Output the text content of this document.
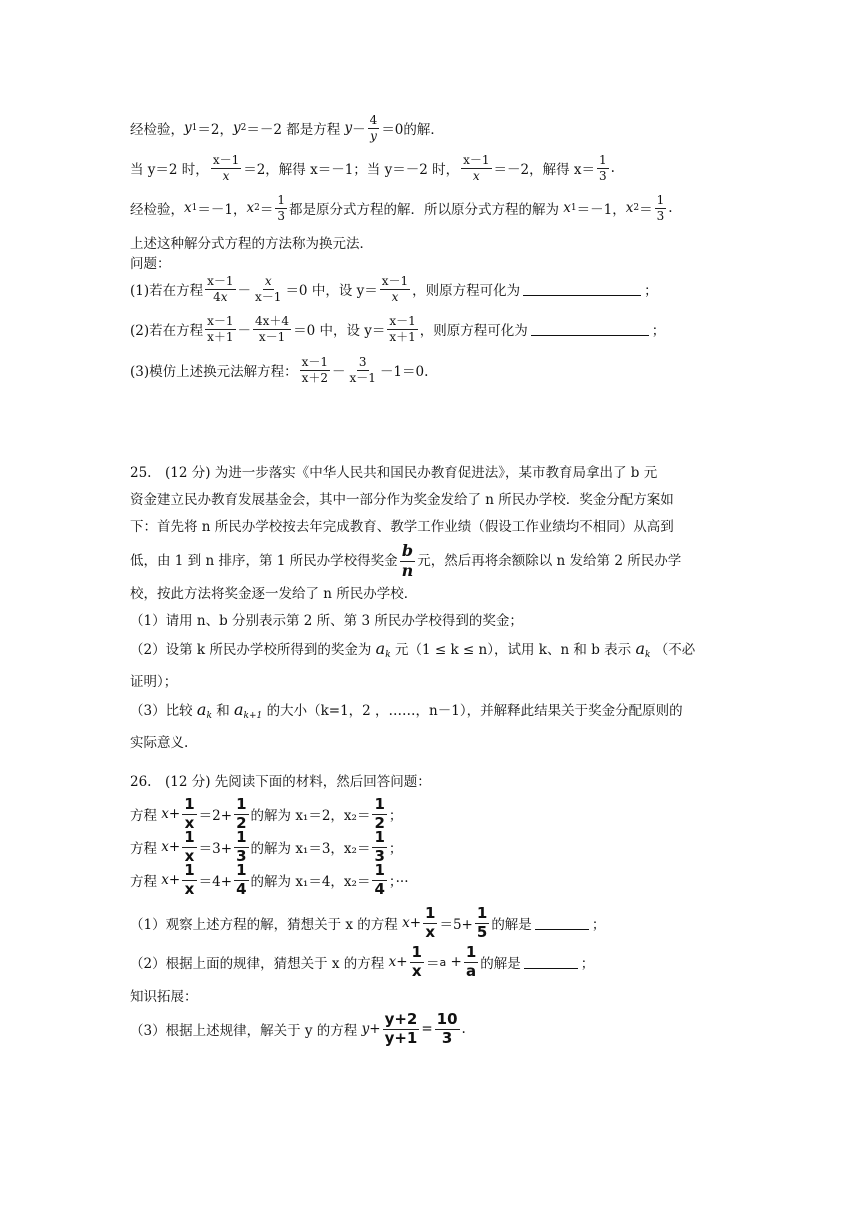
经检验， y 1 ＝2， y 2 ＝－2 都是方程
$y - \frac{4}{y} =0$ 的解．
当 y＝2 时， $\frac{x-1}{x} =2$，解得 x＝－1；当 y＝－2 时， $\frac{x-1}{x} =-2$，解得 $x= \frac{1}{3}$ .
经检验， x 1 ＝－1， x $2 = \frac{1}{3}$ 都是原分式方程的解．所以原分式方程的解为
x 1 ＝－1， x $2 = \frac{1}{3}$ .
上述这种解分式方程的方法称为换元法．
问题：
(1)若在方程 $\frac{x-1}{4x} - \frac{x}{x-1} =0$ 中，设 $y= \frac{x-1}{x}$ ，则原方程可化为	；
(2)若在方程 $\frac{x-1}{x+1} - \frac{4x+4}{x-1} =0$ 中，设 $y= \frac{x-1}{x+1}$ ，则原方程可化为	；
(3)模仿上述换元法解方程： $\frac{x-1}{x+2} - \frac{3}{x-1} -1=0$.
25.　(12 分) 为进一步落实《中华人民共和国民办教育促进法》，某市教育局拿出了 b 元
资金建立民办教育发展基金会，其中一部分作为奖金发给了 n 所民办学校．奖金分配方案如
下：首先将 n 所民办学校按去年完成教育、教学工作业绩（假设工作业绩均不相同）从高到
低，由 1 到 n 排序，第 1 所民办学校得奖金 $\frac{b}{n}$ 元，然后再将余额除以 n 发给第 2 所民办学
校，按此方法将奖金逐一发给了 n 所民办学校．
（1）请用 n、b 分别表示第 2 所、第 3 所民办学校得到的奖金；
（2）设第 k 所民办学校所得到的奖金为 $a_k$ 元（1 ≤ k ≤ n），试用 k、n 和 b 表示 $a_k$ （不必
证明）；
（3）比较 $a_k$ 和 $a_{k+1}$ 的大小（k=1，2 ，……，n－1），并解释此结果关于奖金分配原则的
实际意义.
26.　(12 分) 先阅读下面的材料，然后回答问题：
方程
$x + \frac{1}{x} =2+ \frac{1}{2}$ 的解为
x₁＝2，$x_2= \frac{1}{2}$ ；
方程
$x + \frac{1}{x} =3+ \frac{1}{3}$ 的解为
x₁＝3，$x_2= \frac{1}{3}$ ；
方程
$x + \frac{1}{x} =4+ \frac{1}{4}$ 的解为
x₁＝4，$x_2= \frac{1}{4}$ ；···
（1）观察上述方程的解，猜想关于 x 的方程
$x + \frac{1}{x} =5+ \frac{1}{5}$ 的解是	；
（2）根据上面的规律，猜想关于 x 的方程
$x + \frac{1}{x} = a + \frac{1}{a}$ 的解是	；
知识拓展：
（3）根据上述规律，解关于 y 的方程
$y + \frac{y+2}{y+1} = \frac{10}{3}$ .
